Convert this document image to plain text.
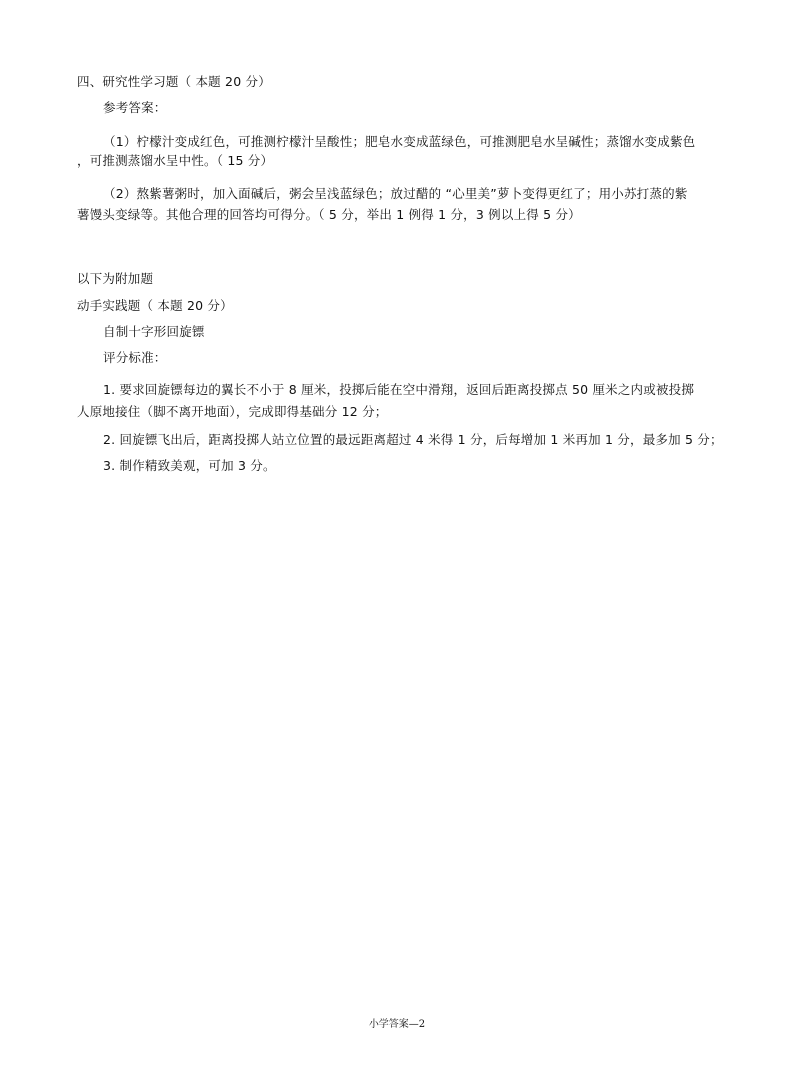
四、研究性学习题（ 本题 20 分）
参考答案：
（1）柠檬汁变成红色，可推测柠檬汁呈酸性；肥皂水变成蓝绿色，可推测肥皂水呈碱性；蒸馏水变成紫色
，可推测蒸馏水呈中性。（ 15 分）
（2）熬紫薯粥时，加入面碱后，粥会呈浅蓝绿色；放过醋的 “心里美”萝卜变得更红了；用小苏打蒸的紫
薯馒头变绿等。其他合理的回答均可得分。（ 5 分，举出 1 例得 1 分，3 例以上得 5 分）
以下为附加题
动手实践题（ 本题 20 分）
自制十字形回旋镖
评分标准：
1. 要求回旋镖每边的翼长不小于 8 厘米，投掷后能在空中滑翔，返回后距离投掷点 50 厘米之内或被投掷
人原地接住（脚不离开地面），完成即得基础分 12 分；
2. 回旋镖飞出后，距离投掷人站立位置的最远距离超过 4 米得 1 分，后每增加 1 米再加 1 分，最多加 5 分；
3. 制作精致美观，可加 3 分。
小学答案—2
